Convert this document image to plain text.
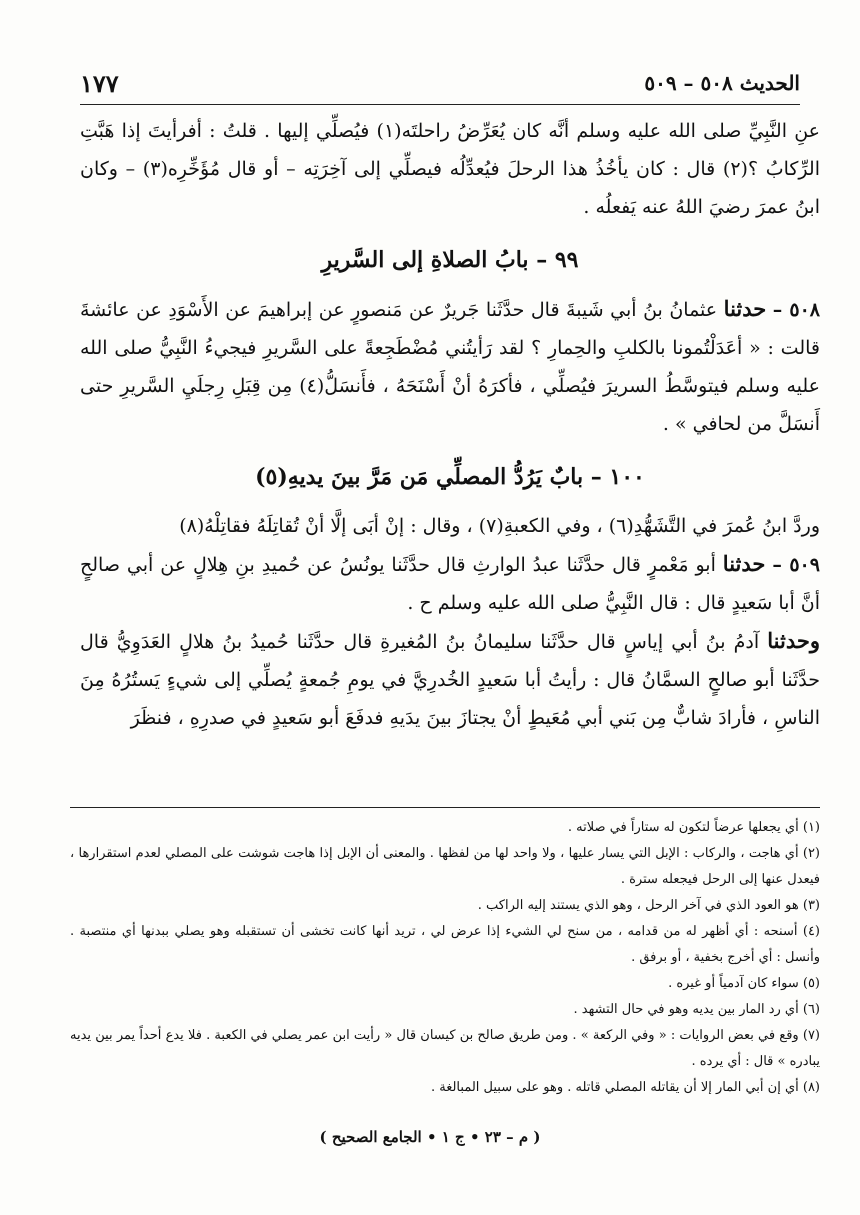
الحديث ٥٠٨ – ٥٠٩
١٧٧

عنِ النَّبِيِّ صلى الله عليه وسلم أنَّه كان يُعَرِّضُ راحلتَه(١) فيُصلِّي إليها . قلتُ : أفرأيتَ إذا هَبَّتِ الرِّكابُ ؟(٢) قال : كان يأخُذُ هذا الرحلَ فيُعدِّلُه فيصلِّي إلى آخِرَتِه – أو قال مُؤَخِّرِه(٣) – وكان ابنُ عمرَ رضيَ اللهُ عنه يَفعلُه .

٩٩ – بابُ الصلاةِ إلى السَّريرِ

٥٠٨ – حدثنا عثمانُ بنُ أبي شَيبةَ قال حدَّثَنا جَريرٌ عن مَنصورٍ عن إبراهيمَ عن الأَسْوَدِ عن عائشةَ قالت : « أعَدَلْتُمونا بالكلبِ والحِمارِ ؟ لقد رَأيتُني مُضْطَجِعةً على السَّريرِ فيجيءُ النَّبِيُّ صلى الله عليه وسلم فيتوسَّطُ السريرَ فيُصلِّي ، فأكرَهُ أنْ أَسْنَحَهُ ، فأَنسَلُّ(٤) مِن قِبَلِ رِجلَيِ السَّريرِ حتى أَنسَلَّ من لحافي » .

١٠٠ – بابٌ يَرُدُّ المصلِّي مَن مَرَّ بينَ يديهِ(٥)

وردَّ ابنُ عُمرَ في التَّشَهُّدِ(٦) ، وفي الكعبةِ(٧) ، وقال : إنْ أبَى إلَّا أنْ تُقاتِلَهُ فقاتِلْهُ(٨)

٥٠٩ – حدثنا أبو مَعْمرٍ قال حدَّثَنا عبدُ الوارثِ قال حدَّثَنا يونُسُ عن حُميدِ بنِ هِلالٍ عن أبي صالحٍ أنَّ أبا سَعيدٍ قال : قال النَّبِيُّ صلى الله عليه وسلم ح .

وحدثنا آدمُ بنُ أبي إياسٍ قال حدَّثَنا سليمانُ بنُ المُغيرةِ قال حدَّثَنا حُميدُ بنُ هلالٍ العَدَوِيُّ قال حدَّثَنا أبو صالحٍ السمَّانُ قال : رأيتُ أبا سَعيدٍ الخُدرِيَّ في يومِ جُمعةٍ يُصلِّي إلى شيءٍ يَستُرُهُ مِنَ الناسِ ، فأرادَ شابٌّ مِن بَني أبي مُعَيطٍ أنْ يجتازَ بينَ يدَيهِ فدفَعَ أبو سَعيدٍ في صدرِهِ ، فنظَرَ

(١) أي يجعلها عرضاً لتكون له ستاراً في صلاته .

(٢) أي هاجت ، والركاب : الإبل التي يسار عليها ، ولا واحد لها من لفظها . والمعنى أن الإبل إذا هاجت شوشت على المصلي لعدم استقرارها ، فيعدل عنها إلى الرحل فيجعله سترة .

(٣) هو العود الذي في آخر الرحل ، وهو الذي يستند إليه الراكب .

(٤) أسنحه : أي أظهر له من قدامه ، من سنح لي الشيء إذا عرض لي ، تريد أنها كانت تخشى أن تستقبله وهو يصلي ببدنها أي منتصبة . وأنسل : أي أخرج بخفية ، أو برفق .

(٥) سواء كان آدمياً أو غيره .

(٦) أي رد المار بين يديه وهو في حال التشهد .

(٧) وقع في بعض الروايات : « وفي الركعة » . ومن طريق صالح بن كيسان قال « رأيت ابن عمر يصلي في الكعبة . فلا يدع أحداً يمر بين يديه يبادره » قال : أي يرده .

(٨) أي إن أبي المار إلا أن يقاتله المصلي قاتله . وهو على سبيل المبالغة .

( م – ٢٣ • ج ١ • الجامع الصحيح )
